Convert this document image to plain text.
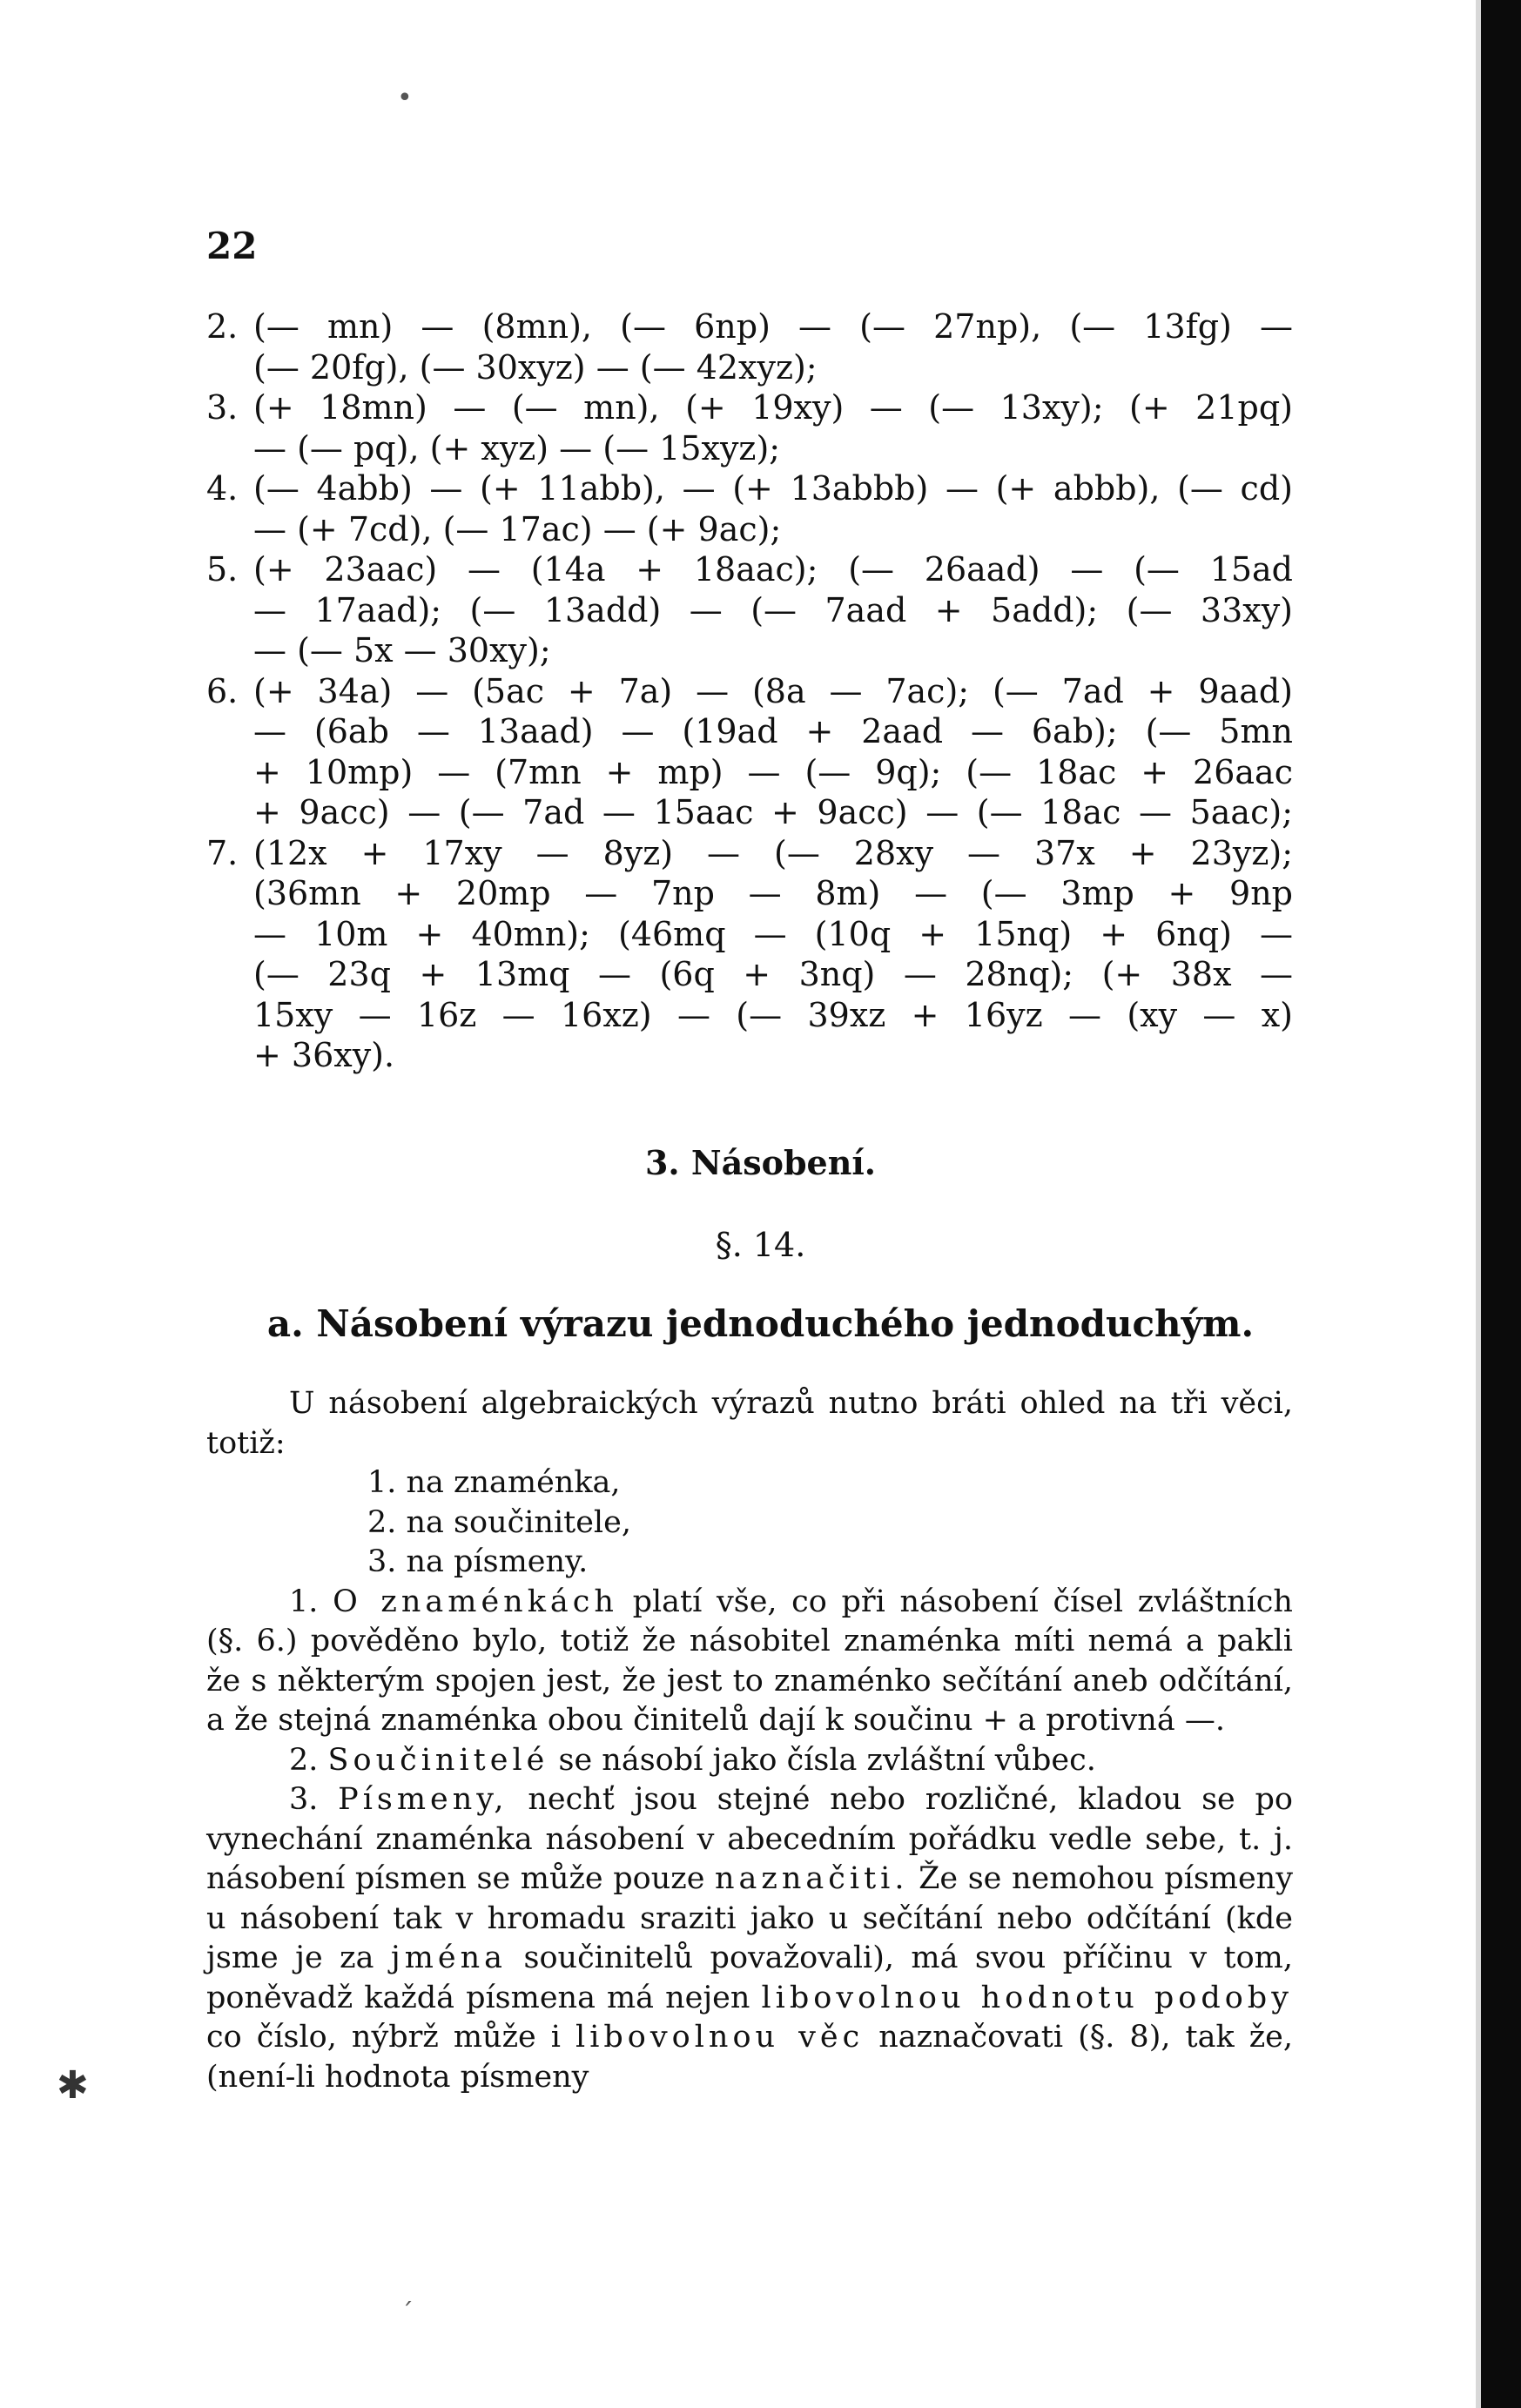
22
2. (— mn) — (8mn), (— 6np) — (— 27np), (— 13fg) —
(— 20fg), (— 30xyz) — (— 42xyz);
3. (+ 18mn) — (— mn), (+ 19xy) — (— 13xy); (+ 21pq)
— (— pq), (+ xyz) — (— 15xyz);
4. (— 4abb) — (+ 11abb), — (+ 13abbb) — (+ abbb), (— cd)
— (+ 7cd), (— 17ac) — (+ 9ac);
5. (+ 23aac) — (14a + 18aac); (— 26aad) — (— 15ad
— 17aad); (— 13add) — (— 7aad + 5add); (— 33xy)
— (— 5x — 30xy);
6. (+ 34a) — (5ac + 7a) — (8a — 7ac); (— 7ad + 9aad)
— (6ab — 13aad) — (19ad + 2aad — 6ab); (— 5mn
+ 10mp) — (7mn + mp) — (— 9q); (— 18ac + 26aac
+ 9acc) — (— 7ad — 15aac + 9acc) — (— 18ac — 5aac);
7. (12x + 17xy — 8yz) — (— 28xy — 37x + 23yz);
(36mn + 20mp — 7np — 8m) — (— 3mp + 9np
— 10m + 40mn); (46mq — (10q + 15nq) + 6nq) —
(— 23q + 13mq — (6q + 3nq) — 28nq); (+ 38x —
15xy — 16z — 16xz) — (— 39xz + 16yz — (xy — x)
+ 36xy).
3. Násobení.
§. 14.
a. Násobení výrazu jednoduchého jednoduchým.

U násobení algebraických výrazů nutno bráti ohled na tři věci, totiž:

1. na znaménka,
2. na součinitele,
3. na písmeny.

1. O znaménkách platí vše, co při násobení čísel zvláštních (§. 6.) pověděno bylo, totiž že násobitel znaménka míti nemá a pakli že s některým spojen jest, že jest to znaménko sečítání aneb odčítání, a že stejná znaménka obou činitelů dají k součinu + a protivná —.

2. Součinitelé se násobí jako čísla zvláštní vůbec.

3. Písmeny, nechť jsou stejné nebo rozličné, kladou se po vynechání znaménka násobení v abecedním pořádku vedle sebe, t. j. násobení písmen se může pouze naznačiti. Že se nemohou písmeny u násobení tak v hromadu sraziti jako u sečítání nebo odčítání (kde jsme je za jména součinitelů považovali), má svou příčinu v tom, poněvadž každá písmena má nejen libovolnou hodnotu podoby co číslo, nýbrž může i libovolnou věc naznačovati (§. 8), tak že, (není-li hodnota písmeny

•
✱
ˊ
